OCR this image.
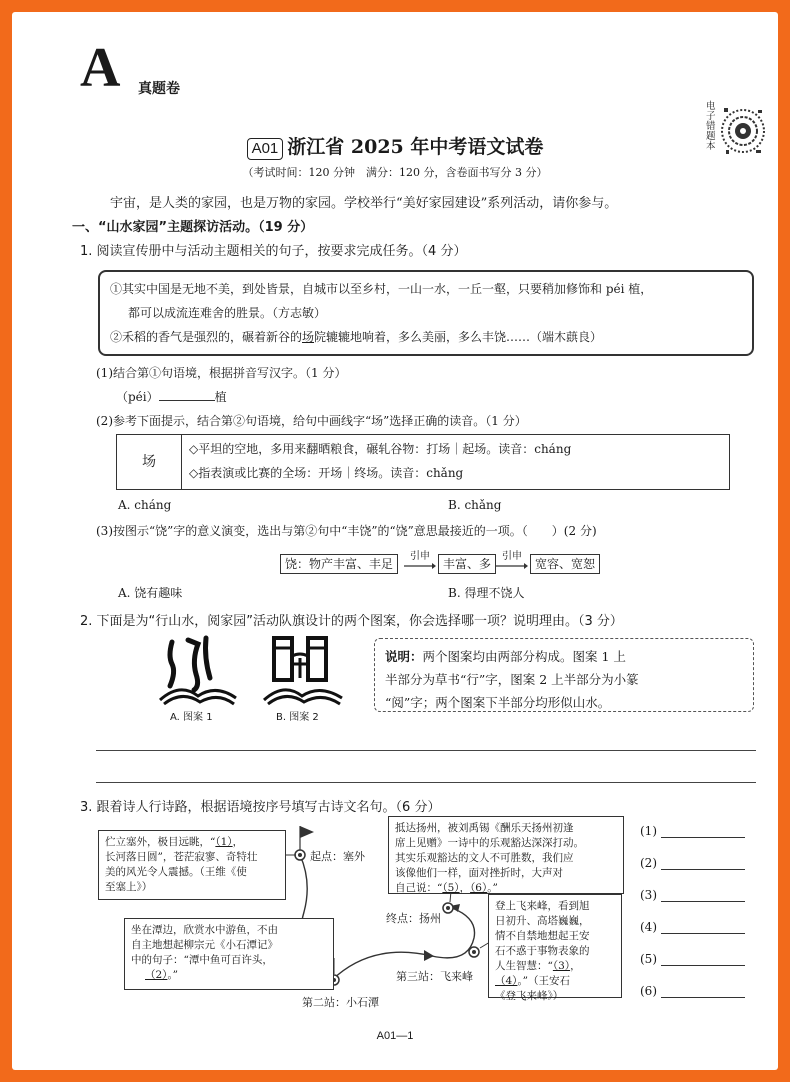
A 真题卷
电子错题本
A01 浙江省 2025 年中考语文试卷
（考试时间：120 分钟　满分：120 分，含卷面书写分 3 分）
宇宙，是人类的家园，也是万物的家园。学校举行“美好家园建设”系列活动，请你参与。
一、“山水家园”主题探访活动。（19 分）
1. 阅读宣传册中与活动主题相关的句子，按要求完成任务。（4 分）
①其实中国是无地不美，到处皆景，自城市以至乡村，一山一水，一丘一壑，只要稍加修饰和 péi 植，
都可以成流连难舍的胜景。（方志敏）
②禾稻的香气是强烈的，碾着新谷的场院辘辘地响着，多么美丽，多么丰饶……（端木蕻良）
(1)结合第①句语境，根据拼音写汉字。（1 分）
（péi）	植
(2)参考下面提示，结合第②句语境，给句中画线字“场”选择正确的读音。（1 分）
场
◇平坦的空地，多用来翻晒粮食，碾轧谷物：打场｜起场。读音：cháng
◇指表演或比赛的全场：开场｜终场。读音：chǎng
A. cháng	B. chǎng
(3)按图示“饶”字的意义演变，选出与第②句中“丰饶”的“饶”意思最接近的一项。（　　）(2 分)
饶：物产丰富、丰足
引申
丰富、多
引申
宽容、宽恕
A. 饶有趣味	B. 得理不饶人
2. 下面是为“行山水，阅家园”活动队旗设计的两个图案，你会选择哪一项？说明理由。（3 分）
A. 图案 1	B. 图案 2
说明：两个图案均由两部分构成。图案 1 上
半部分为草书“行”字，图案 2 上半部分为小篆
“阅”字；两个图案下半部分均形似山水。
3. 跟着诗人行诗路，根据语境按序号填写古诗文名句。（6 分）
伫立塞外，极目远眺，“（1），
长河落日圆”，苍茫寂寥、奇特壮
美的风光令人震撼。（王维《使
至塞上》）
起点：塞外
坐在潭边，欣赏水中游鱼，不由
自主地想起柳宗元《小石潭记》
中的句子：“潭中鱼可百许头，
（2）。”
第二站：小石潭
抵达扬州，被刘禹锡《酬乐天扬州初逢
席上见赠》一诗中的乐观豁达深深打动。
其实乐观豁达的文人不可胜数，我们应
该像他们一样，面对挫折时，大声对
自己说：“（5），（6）。”
终点：扬州
登上飞来峰，看到旭
日初升、高塔巍巍，
情不自禁地想起王安
石不惑于事物表象的
人生智慧：“（3），
（4）。”（王安石
《登飞来峰》）
第三站：飞来峰
(1)
(2)
(3)
(4)
(5)
(6)
A01—1
